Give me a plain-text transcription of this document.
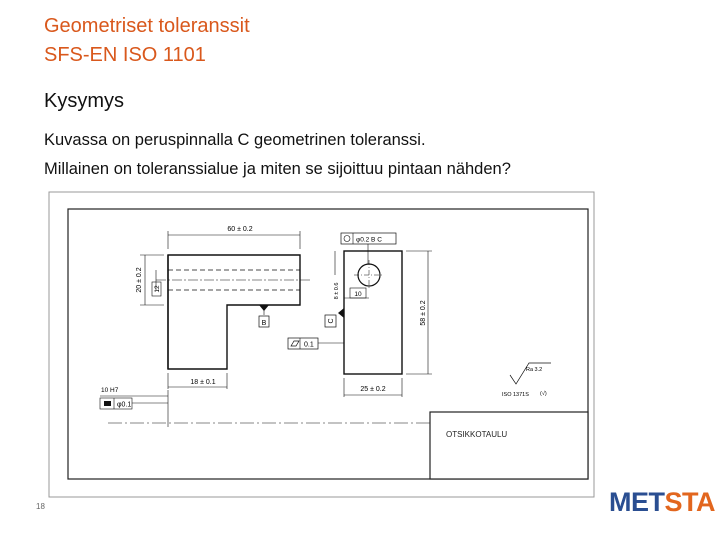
Geometriset toleranssit
SFS-EN ISO 1101
Kysymys
Kuvassa on peruspinnalla C geometrinen toleranssi.
Millainen on toleranssialue ja miten se sijoittuu pintaan nähden?
60 ± 0.2
20 ± 0.2 12
18 ± 0.1
10 H7
φ0.1
B
0.1
φ0.2 B C
8 ± 0.6 10
C	58 ± 0.2
25 ± 0.2
Ra 3.2
ISO 1371S (√)
OTSIKKOTAULU
18	METSTA
